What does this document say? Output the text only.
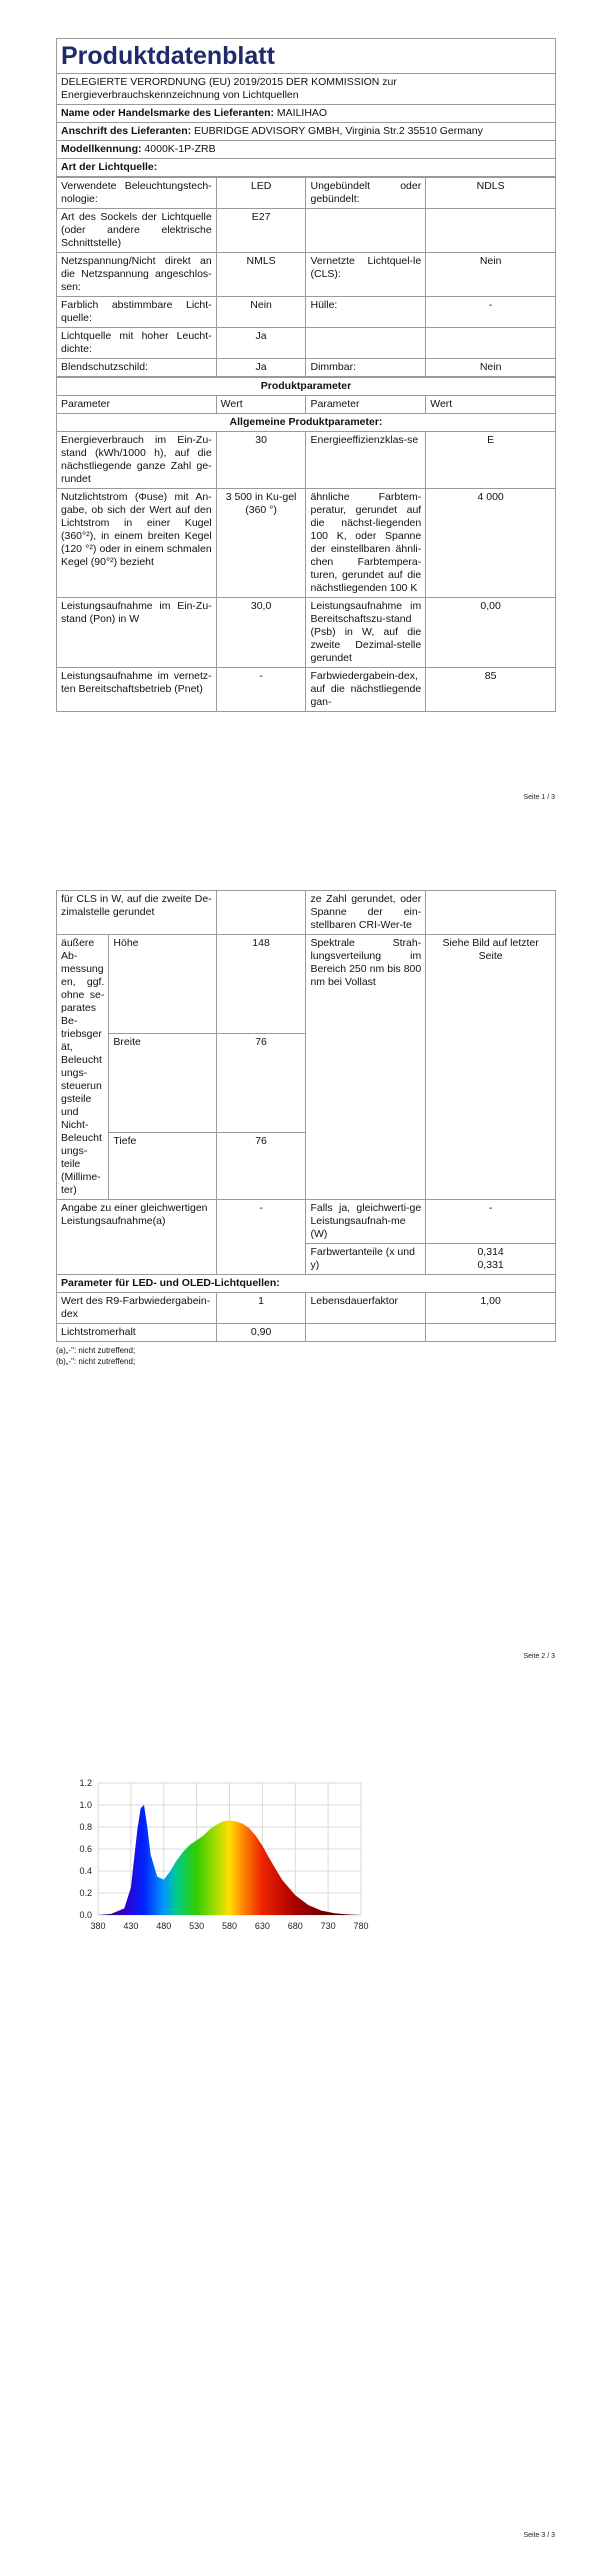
Produktdatenblatt
DELEGIERTE VERORDNUNG (EU) 2019/2015 DER KOMMISSION zur Energieverbrauchskennzeichnung von Lichtquellen
Name oder Handelsmarke des Lieferanten: MAILIHAO
Anschrift des Lieferanten: EUBRIDGE ADVISORY GMBH, Virginia Str.2 35510 Germany
Modellkennung: 4000K-1P-ZRB
Art der Lichtquelle:
Verwendete Beleuchtungstech-nologie:	LED	Ungebündelt oder gebündelt:	NDLS
Art des Sockels der Lichtquelle (oder andere elektrische Schnittstelle)	E27		
Netzspannung/Nicht direkt an die Netzspannung angeschlos-sen:	NMLS	Vernetzte Lichtquel-le (CLS):	Nein
Farblich abstimmbare Licht-quelle:	Nein	Hülle:	-
Lichtquelle mit hoher Leucht-dichte:	Ja		
Blendschutzschild:	Ja	Dimmbar:	Nein
Produktparameter			
Parameter	Wert	Parameter	Wert
Allgemeine Produktparameter:			
Energieverbrauch im Ein-Zu-stand (kWh/1000 h), auf die nächstliegende ganze Zahl ge-rundet	30	Energieeffizienzklas-se	E
Nutzlichtstrom (Φuse) mit An-gabe, ob sich der Wert auf den Lichtstrom in einer Kugel (360°²), in einem breiten Kegel (120 °²) oder in einem schmalen Kegel (90°²) bezieht	3 500 in Ku-gel (360 °)	ähnliche Farbtem-peratur, gerundet auf die nächst-liegenden 100 K, oder Spanne der einstellbaren ähnli-chen Farbtempera-turen, gerundet auf die nächstliegenden 100 K	4 000
Leistungsaufnahme im Ein-Zu-stand (Pon) in W	30,0	Leistungsaufnahme im Bereitschaftszu-stand (Psb) in W, auf die zweite Dezimal-stelle gerundet	0,00
Leistungsaufnahme im vernetz-ten Bereitschaftsbetrieb (Pnet)	-	Farbwiedergabein-dex, auf die nächstliegende gan-	85
Seite 1 / 3
für CLS in W, auf die zweite De-zimalstelle gerundet			ze Zahl gerundet, oder Spanne der ein-stellbaren CRI-Wer-te	
äußere Ab-messungen, ggf. ohne se-parates Be-triebsgerät, Beleuchtungs-steuerungsteile und Nicht-Beleuchtungs-teile (Millime-ter)	Höhe	148	Spektrale Strah-lungsverteilung im Bereich 250 nm bis 800 nm bei Vollast	Siehe Bild auf letzter Seite
	Breite	76		
	Tiefe	76		
Angabe zu einer gleichwertigen Leistungsaufnahme(a)		-	Falls ja, gleichwerti-ge Leistungsaufnah-me (W)	-
			Farbwertanteile (x und y)	0,314
0,331

Parameter für LED- und OLED-Lichtquellen:				
Wert des R9-Farbwiedergabein-dex		1	Lebensdauerfaktor	1,00
Lichtstromerhalt		0,90		
(a)„-": nicht zutreffend;
(b)„-": nicht zutreffend;
Seite 2 / 3
0.0
0.2
0.4
0.6
0.8
1.0
1.2
380 430 480 530 580 630 680 730 780
Seite 3 / 3
